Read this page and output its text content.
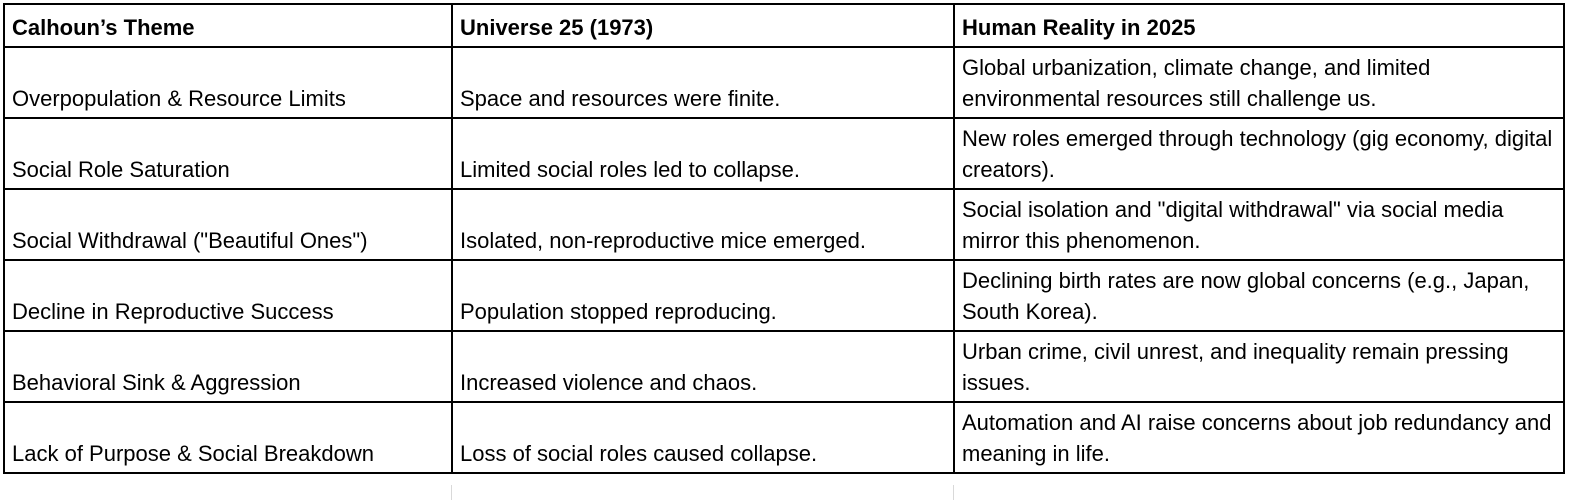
Calhoun’s Theme	Universe 25 (1973)	Human Reality in 2025
Overpopulation & Resource Limits	Space and resources were finite.	Global urbanization, climate change, and limited environmental resources still challenge us.
Social Role Saturation	Limited social roles led to collapse.	New roles emerged through technology (gig economy, digital creators).
Social Withdrawal ("Beautiful Ones")	Isolated, non-reproductive mice emerged.	Social isolation and "digital withdrawal" via social media mirror this phenomenon.
Decline in Reproductive Success	Population stopped reproducing.	Declining birth rates are now global concerns (e.g., Japan, South Korea).
Behavioral Sink & Aggression	Increased violence and chaos.	Urban crime, civil unrest, and inequality remain pressing issues.
Lack of Purpose & Social Breakdown	Loss of social roles caused collapse.	Automation and AI raise concerns about job redundancy and meaning in life.
